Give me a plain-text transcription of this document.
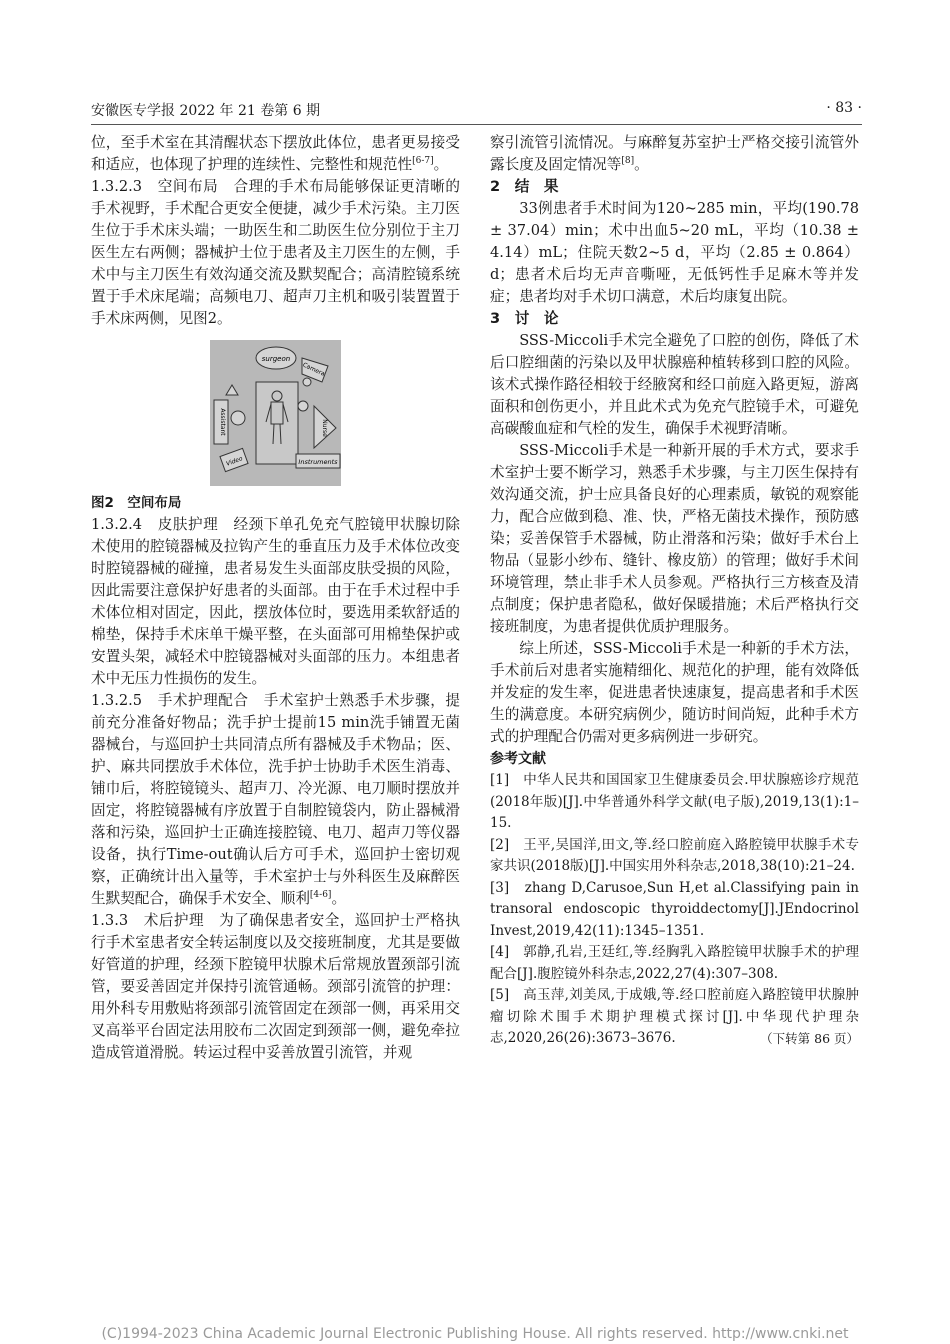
安徽医专学报 2022 年 21 卷第 6 期	· 83 ·

位，至手术室在其清醒状态下摆放此体位，患者更易接受和适应，也体现了护理的连续性、完整性和规范性[6-7]。

1.3.2.3　空间布局　合理的手术布局能够保证更清晰的手术视野，手术配合更安全便捷，减少手术污染。主刀医生位于手术床头端；一助医生和二助医生位分别位于主刀医生左右两侧；器械护士位于患者及主刀医生的左侧，手术中与主刀医生有效沟通交流及默契配合；高清腔镜系统置于手术床尾端；高频电刀、超声刀主机和吸引装置置于手术床两侧，见图2。

surgeon
Camera
Assistant	Nurse
Video	Instruments

图2　空间布局

1.3.2.4　皮肤护理　经颈下单孔免充气腔镜甲状腺切除术使用的腔镜器械及拉钩产生的垂直压力及手术体位改变时腔镜器械的碰撞，患者易发生头面部皮肤受损的风险，因此需要注意保护好患者的头面部。由于在手术过程中手术体位相对固定，因此，摆放体位时，要选用柔软舒适的棉垫，保持手术床单干燥平整，在头面部可用棉垫保护或安置头架，减轻术中腔镜器械对头面部的压力。本组患者术中无压力性损伤的发生。

1.3.2.5　手术护理配合　手术室护士熟悉手术步骤，提前充分准备好物品；洗手护士提前15 min洗手铺置无菌器械台，与巡回护士共同清点所有器械及手术物品；医、护、麻共同摆放手术体位，洗手护士协助手术医生消毒、铺巾后，将腔镜镜头、超声刀、冷光源、电刀顺时摆放并固定，将腔镜器械有序放置于自制腔镜袋内，防止器械滑落和污染，巡回护士正确连接腔镜、电刀、超声刀等仪器设备，执行Time-out确认后方可手术，巡回护士密切观察，正确统计出入量等，手术室护士与外科医生及麻醉医生默契配合，确保手术安全、顺利[4-6]。

1.3.3　术后护理　为了确保患者安全，巡回护士严格执行手术室患者安全转运制度以及交接班制度，尤其是要做好管道的护理，经颈下腔镜甲状腺术后常规放置颈部引流管，要妥善固定并保持引流管通畅。颈部引流管的护理：用外科专用敷贴将颈部引流管固定在颈部一侧，再采用交叉高举平台固定法用胶布二次固定到颈部一侧，避免牵拉造成管道滑脱。转运过程中妥善放置引流管，并观

察引流管引流情况。与麻醉复苏室护士严格交接引流管外露长度及固定情况等[8]。

2　结　果

33例患者手术时间为120~285 min，平均(190.78 ± 37.04）min；术中出血5~20 mL，平均（10.38 ± 4.14）mL；住院天数2~5 d，平均（2.85 ± 0.864）d；患者术后均无声音嘶哑，无低钙性手足麻木等并发症；患者均对手术切口满意，术后均康复出院。

3　讨　论

SSS-Miccoli手术完全避免了口腔的创伤，降低了术后口腔细菌的污染以及甲状腺癌种植转移到口腔的风险。该术式操作路径相较于经腋窝和经口前庭入路更短，游离面积和创伤更小，并且此术式为免充气腔镜手术，可避免高碳酸血症和气栓的发生，确保手术视野清晰。

SSS-Miccoli手术是一种新开展的手术方式，要求手术室护士要不断学习，熟悉手术步骤，与主刀医生保持有效沟通交流，护士应具备良好的心理素质，敏锐的观察能力，配合应做到稳、准、快，严格无菌技术操作，预防感染；妥善保管手术器械，防止滑落和污染；做好手术台上物品（显影小纱布、缝针、橡皮筋）的管理；做好手术间环境管理，禁止非手术人员参观。严格执行三方核查及清点制度；保护患者隐私，做好保暖措施；术后严格执行交接班制度，为患者提供优质护理服务。

综上所述，SSS-Miccoli手术是一种新的手术方法，手术前后对患者实施精细化、规范化的护理，能有效降低并发症的发生率，促进患者快速康复，提高患者和手术医生的满意度。本研究病例少，随访时间尚短，此种手术方式的护理配合仍需对更多病例进一步研究。

参考文献

[1]　中华人民共和国国家卫生健康委员会.甲状腺癌诊疗规范(2018年版)[J].中华普通外科学文献(电子版),2019,13(1):1–15.

[2]　王平,吴国洋,田文,等.经口腔前庭入路腔镜甲状腺手术专家共识(2018版)[J].中国实用外科杂志,2018,38(10):21–24.

[3]　zhang D,Carusoe,Sun H,et al.Classifying pain in transoral endoscopic thyroiddectomy[J].JEndocrinol Invest,2019,42(11):1345–1351.

[4]　郭静,孔岩,王廷红,等.经胸乳入路腔镜甲状腺手术的护理配合[J].腹腔镜外科杂志,2022,27(4):307–308.

[5]　高玉萍,刘美凤,于成娥,等.经口腔前庭入路腔镜甲状腺肿瘤切除术围手术期护理模式探讨[J].中华现代护理杂志,2020,26(26):3673–3676.	（下转第 86 页）

(C)1994-2023 China Academic Journal Electronic Publishing House. All rights reserved. http://www.cnki.net
